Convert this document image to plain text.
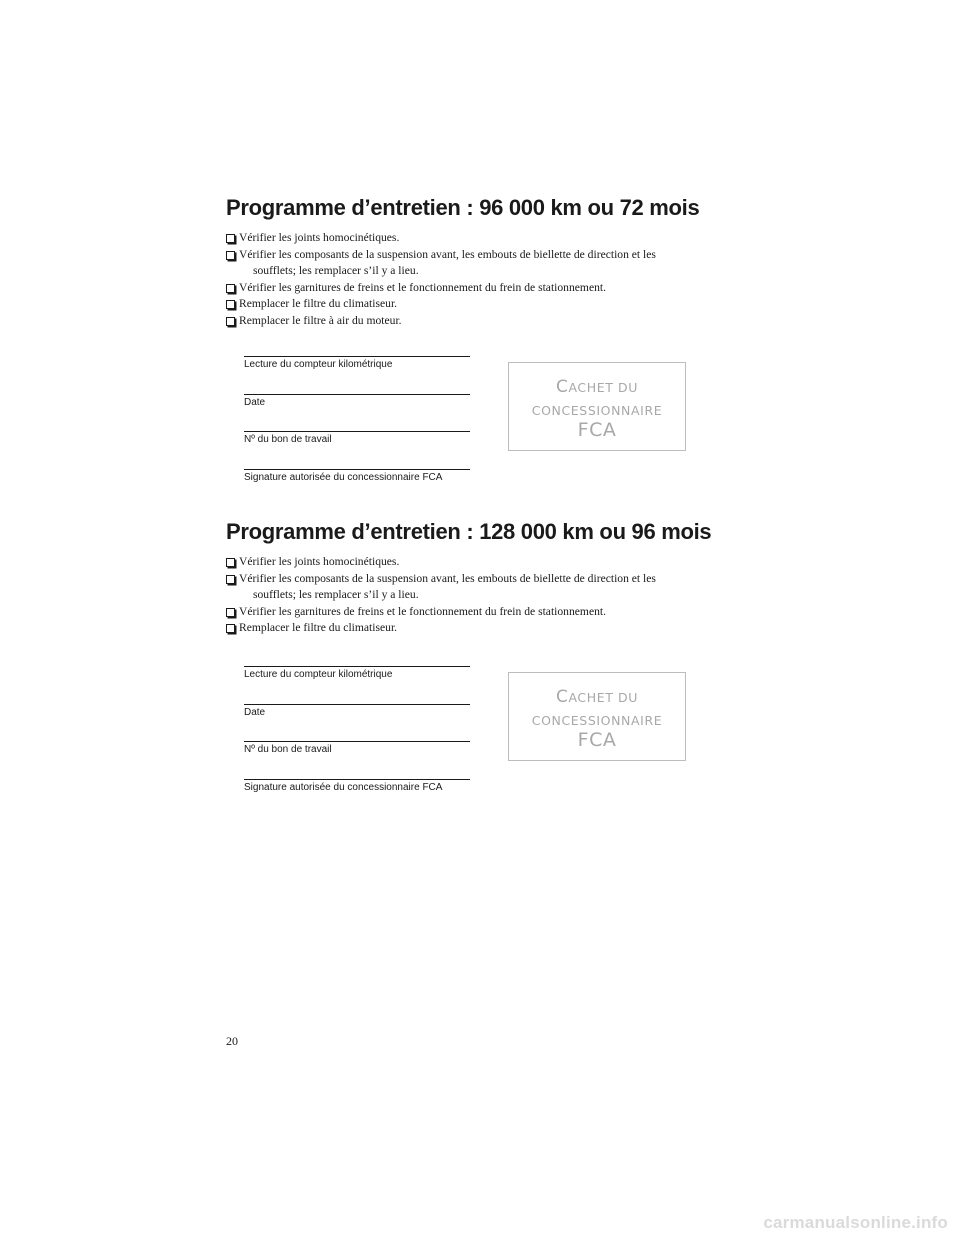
Programme d’entretien : 96 000 km ou 72 mois
Vérifier les joints homocinétiques.
Vérifier les composants de la suspension avant, les embouts de biellette de direction et les
soufflets; les remplacer s’il y a lieu.
Vérifier les garnitures de freins et le fonctionnement du frein de stationnement.
Remplacer le filtre du climatiseur.
Remplacer le filtre à air du moteur.
Lecture du compteur kilométrique
Date
Nº du bon de travail
Signature autorisée du concessionnaire FCA
CACHET DU
CONCESSIONNAIRE
FCA
Programme d’entretien : 128 000 km ou 96 mois
Vérifier les joints homocinétiques.
Vérifier les composants de la suspension avant, les embouts de biellette de direction et les
soufflets; les remplacer s’il y a lieu.
Vérifier les garnitures de freins et le fonctionnement du frein de stationnement.
Remplacer le filtre du climatiseur.
Lecture du compteur kilométrique
Date
Nº du bon de travail
Signature autorisée du concessionnaire FCA
CACHET DU
CONCESSIONNAIRE
FCA
20
carmanualsonline.info
